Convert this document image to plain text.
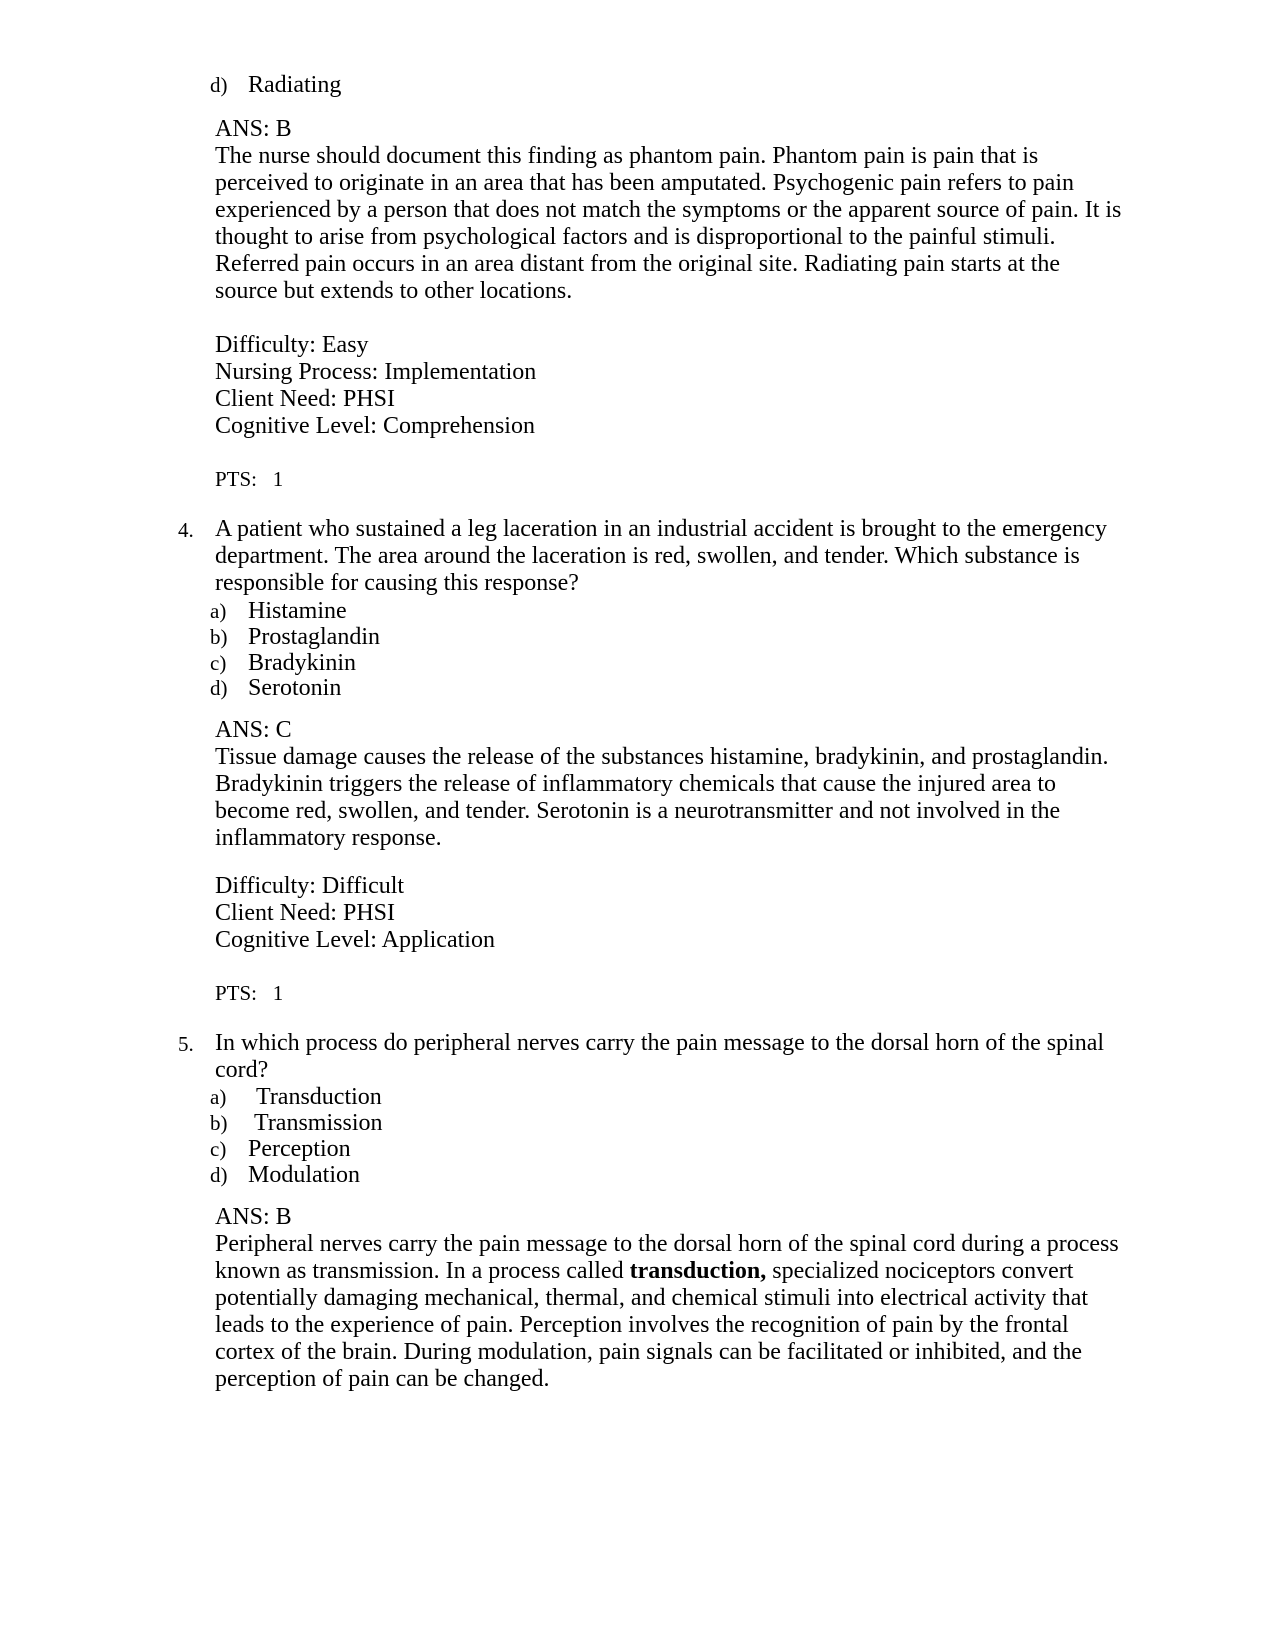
d) Radiating
ANS: B
The nurse should document this finding as phantom pain. Phantom pain is pain that is
perceived to originate in an area that has been amputated. Psychogenic pain refers to pain
experienced by a person that does not match the symptoms or the apparent source of pain. It is
thought to arise from psychological factors and is disproportional to the painful stimuli.
Referred pain occurs in an area distant from the original site. Radiating pain starts at the
source but extends to other locations.
Difficulty: Easy
Nursing Process: Implementation
Client Need: PHSI
Cognitive Level: Comprehension
PTS:   1
4. A patient who sustained a leg laceration in an industrial accident is brought to the emergency
department. The area around the laceration is red, swollen, and tender. Which substance is
responsible for causing this response?
a) Histamine
b) Prostaglandin
c) Bradykinin
d) Serotonin
ANS: C
Tissue damage causes the release of the substances histamine, bradykinin, and prostaglandin.
Bradykinin triggers the release of inflammatory chemicals that cause the injured area to
become red, swollen, and tender. Serotonin is a neurotransmitter and not involved in the
inflammatory response.
Difficulty: Difficult
Client Need: PHSI
Cognitive Level: Application
PTS:   1
5. In which process do peripheral nerves carry the pain message to the dorsal horn of the spinal
cord?
a) Transduction
b) Transmission
c) Perception
d) Modulation
ANS: B
Peripheral nerves carry the pain message to the dorsal horn of the spinal cord during a process
known as transmission. In a process called transduction, specialized nociceptors convert
potentially damaging mechanical, thermal, and chemical stimuli into electrical activity that
leads to the experience of pain. Perception involves the recognition of pain by the frontal
cortex of the brain. During modulation, pain signals can be facilitated or inhibited, and the
perception of pain can be changed.
